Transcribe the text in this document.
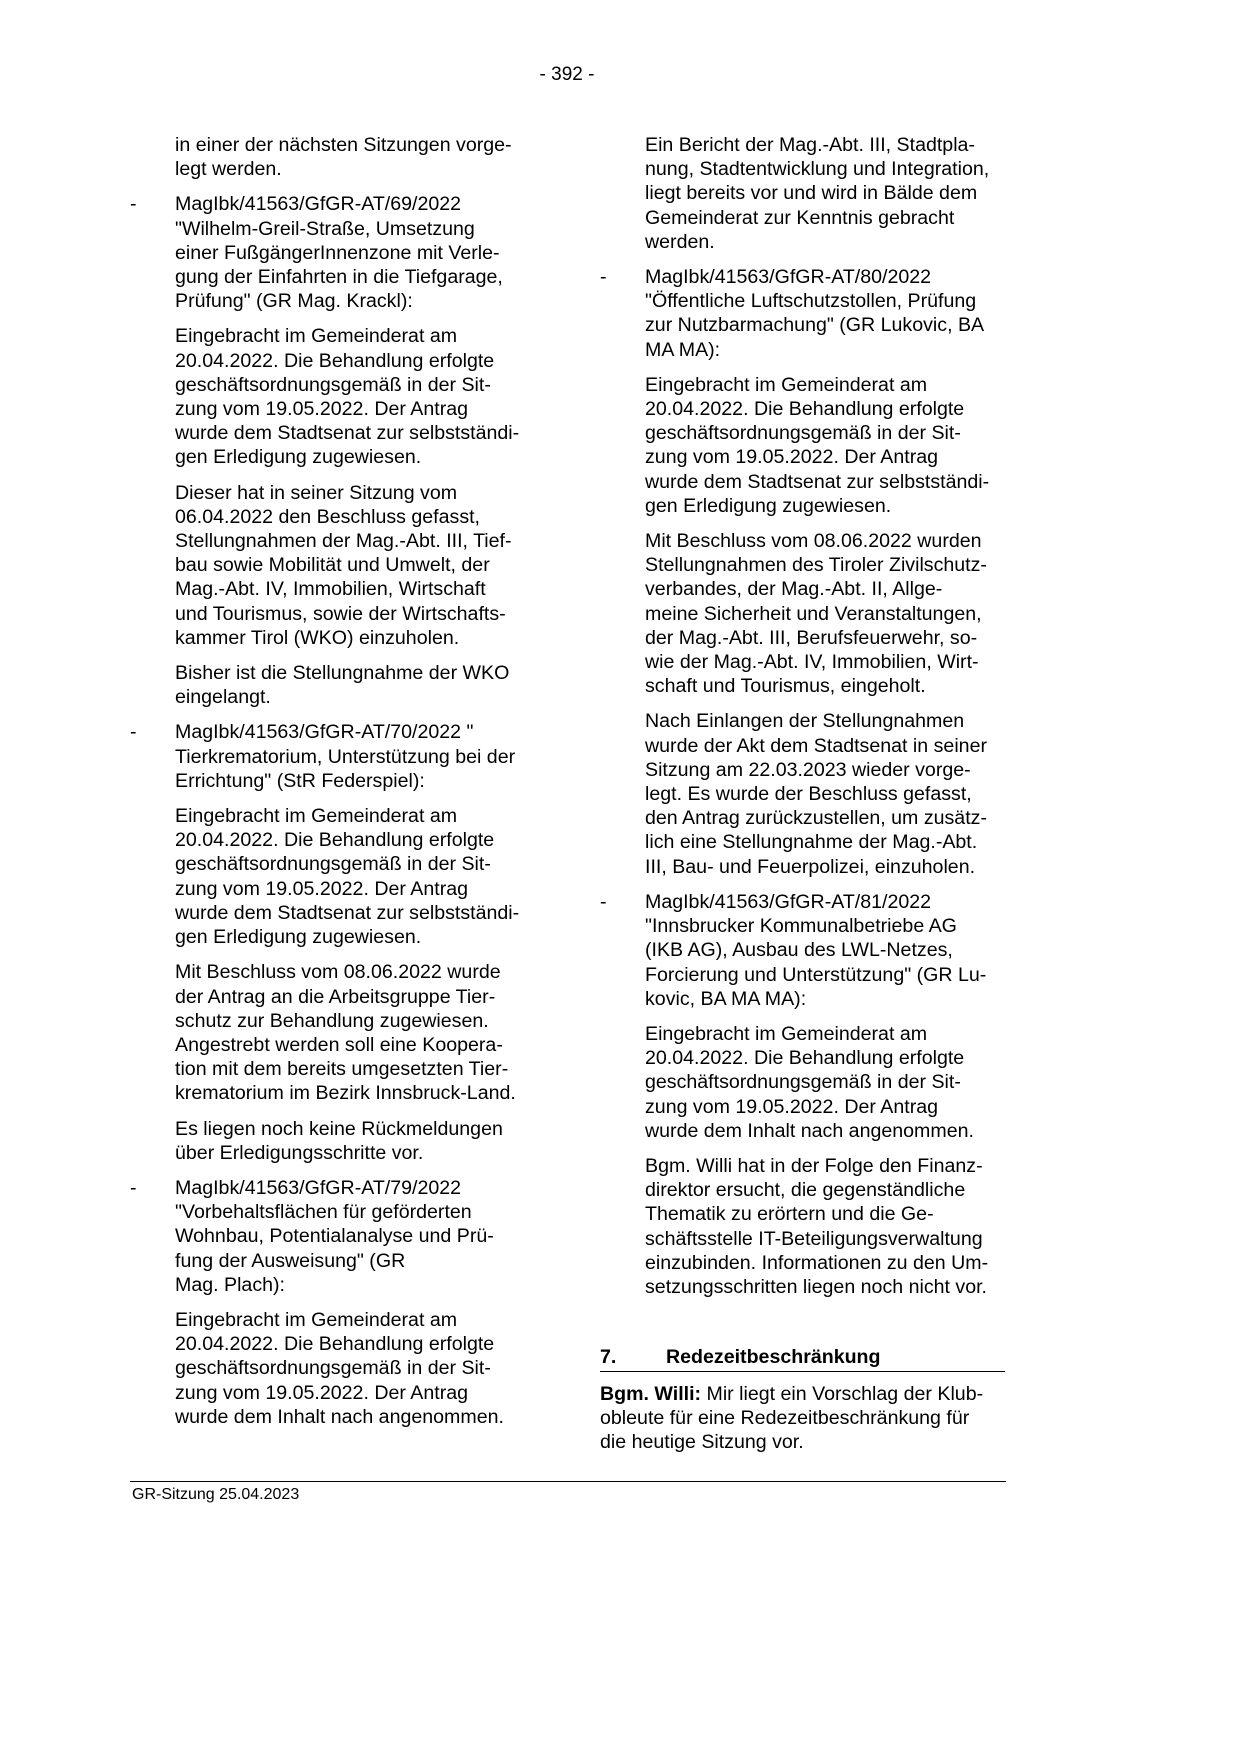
- 392 -
in einer der nächsten Sitzungen vorge-
legt werden.
- MagIbk/41563/GfGR-AT/69/2022
"Wilhelm-Greil-Straße, Umsetzung
einer FußgängerInnenzone mit Verle-
gung der Einfahrten in die Tiefgarage,
Prüfung" (GR Mag. Krackl):
Eingebracht im Gemeinderat am
20.04.2022. Die Behandlung erfolgte
geschäftsordnungsgemäß in der Sit-
zung vom 19.05.2022. Der Antrag
wurde dem Stadtsenat zur selbstständi-
gen Erledigung zugewiesen.
Dieser hat in seiner Sitzung vom
06.04.2022 den Beschluss gefasst,
Stellungnahmen der Mag.-Abt. III, Tief-
bau sowie Mobilität und Umwelt, der
Mag.-Abt. IV, Immobilien, Wirtschaft
und Tourismus, sowie der Wirtschafts-
kammer Tirol (WKO) einzuholen.
Bisher ist die Stellungnahme der WKO
eingelangt.
- MagIbk/41563/GfGR-AT/70/2022 "
Tierkrematorium, Unterstützung bei der
Errichtung" (StR Federspiel):
Eingebracht im Gemeinderat am
20.04.2022. Die Behandlung erfolgte
geschäftsordnungsgemäß in der Sit-
zung vom 19.05.2022. Der Antrag
wurde dem Stadtsenat zur selbstständi-
gen Erledigung zugewiesen.
Mit Beschluss vom 08.06.2022 wurde
der Antrag an die Arbeitsgruppe Tier-
schutz zur Behandlung zugewiesen.
Angestrebt werden soll eine Koopera-
tion mit dem bereits umgesetzten Tier-
krematorium im Bezirk Innsbruck-Land.
Es liegen noch keine Rückmeldungen
über Erledigungsschritte vor.
- MagIbk/41563/GfGR-AT/79/2022
"Vorbehaltsflächen für geförderten
Wohnbau, Potentialanalyse und Prü-
fung der Ausweisung" (GR
Mag. Plach):
Eingebracht im Gemeinderat am
20.04.2022. Die Behandlung erfolgte
geschäftsordnungsgemäß in der Sit-
zung vom 19.05.2022. Der Antrag
wurde dem Inhalt nach angenommen.
Ein Bericht der Mag.-Abt. III, Stadtpla-
nung, Stadtentwicklung und Integration,
liegt bereits vor und wird in Bälde dem
Gemeinderat zur Kenntnis gebracht
werden.
- MagIbk/41563/GfGR-AT/80/2022
"Öffentliche Luftschutzstollen, Prüfung
zur Nutzbarmachung" (GR Lukovic, BA
MA MA):
Eingebracht im Gemeinderat am
20.04.2022. Die Behandlung erfolgte
geschäftsordnungsgemäß in der Sit-
zung vom 19.05.2022. Der Antrag
wurde dem Stadtsenat zur selbstständi-
gen Erledigung zugewiesen.
Mit Beschluss vom 08.06.2022 wurden
Stellungnahmen des Tiroler Zivilschutz-
verbandes, der Mag.-Abt. II, Allge-
meine Sicherheit und Veranstaltungen,
der Mag.-Abt. III, Berufsfeuerwehr, so-
wie der Mag.-Abt. IV, Immobilien, Wirt-
schaft und Tourismus, eingeholt.
Nach Einlangen der Stellungnahmen
wurde der Akt dem Stadtsenat in seiner
Sitzung am 22.03.2023 wieder vorge-
legt. Es wurde der Beschluss gefasst,
den Antrag zurückzustellen, um zusätz-
lich eine Stellungnahme der Mag.-Abt.
III, Bau- und Feuerpolizei, einzuholen.
- MagIbk/41563/GfGR-AT/81/2022
"Innsbrucker Kommunalbetriebe AG
(IKB AG), Ausbau des LWL-Netzes,
Forcierung und Unterstützung" (GR Lu-
kovic, BA MA MA):
Eingebracht im Gemeinderat am
20.04.2022. Die Behandlung erfolgte
geschäftsordnungsgemäß in der Sit-
zung vom 19.05.2022. Der Antrag
wurde dem Inhalt nach angenommen.
Bgm. Willi hat in der Folge den Finanz-
direktor ersucht, die gegenständliche
Thematik zu erörtern und die Ge-
schäftsstelle IT-Beteiligungsverwaltung
einzubinden. Informationen zu den Um-
setzungsschritten liegen noch nicht vor.
7.	Redezeitbeschränkung
Bgm. Willi: Mir liegt ein Vorschlag der Klub-
obleute für eine Redezeitbeschränkung für
die heutige Sitzung vor.
GR-Sitzung 25.04.2023
